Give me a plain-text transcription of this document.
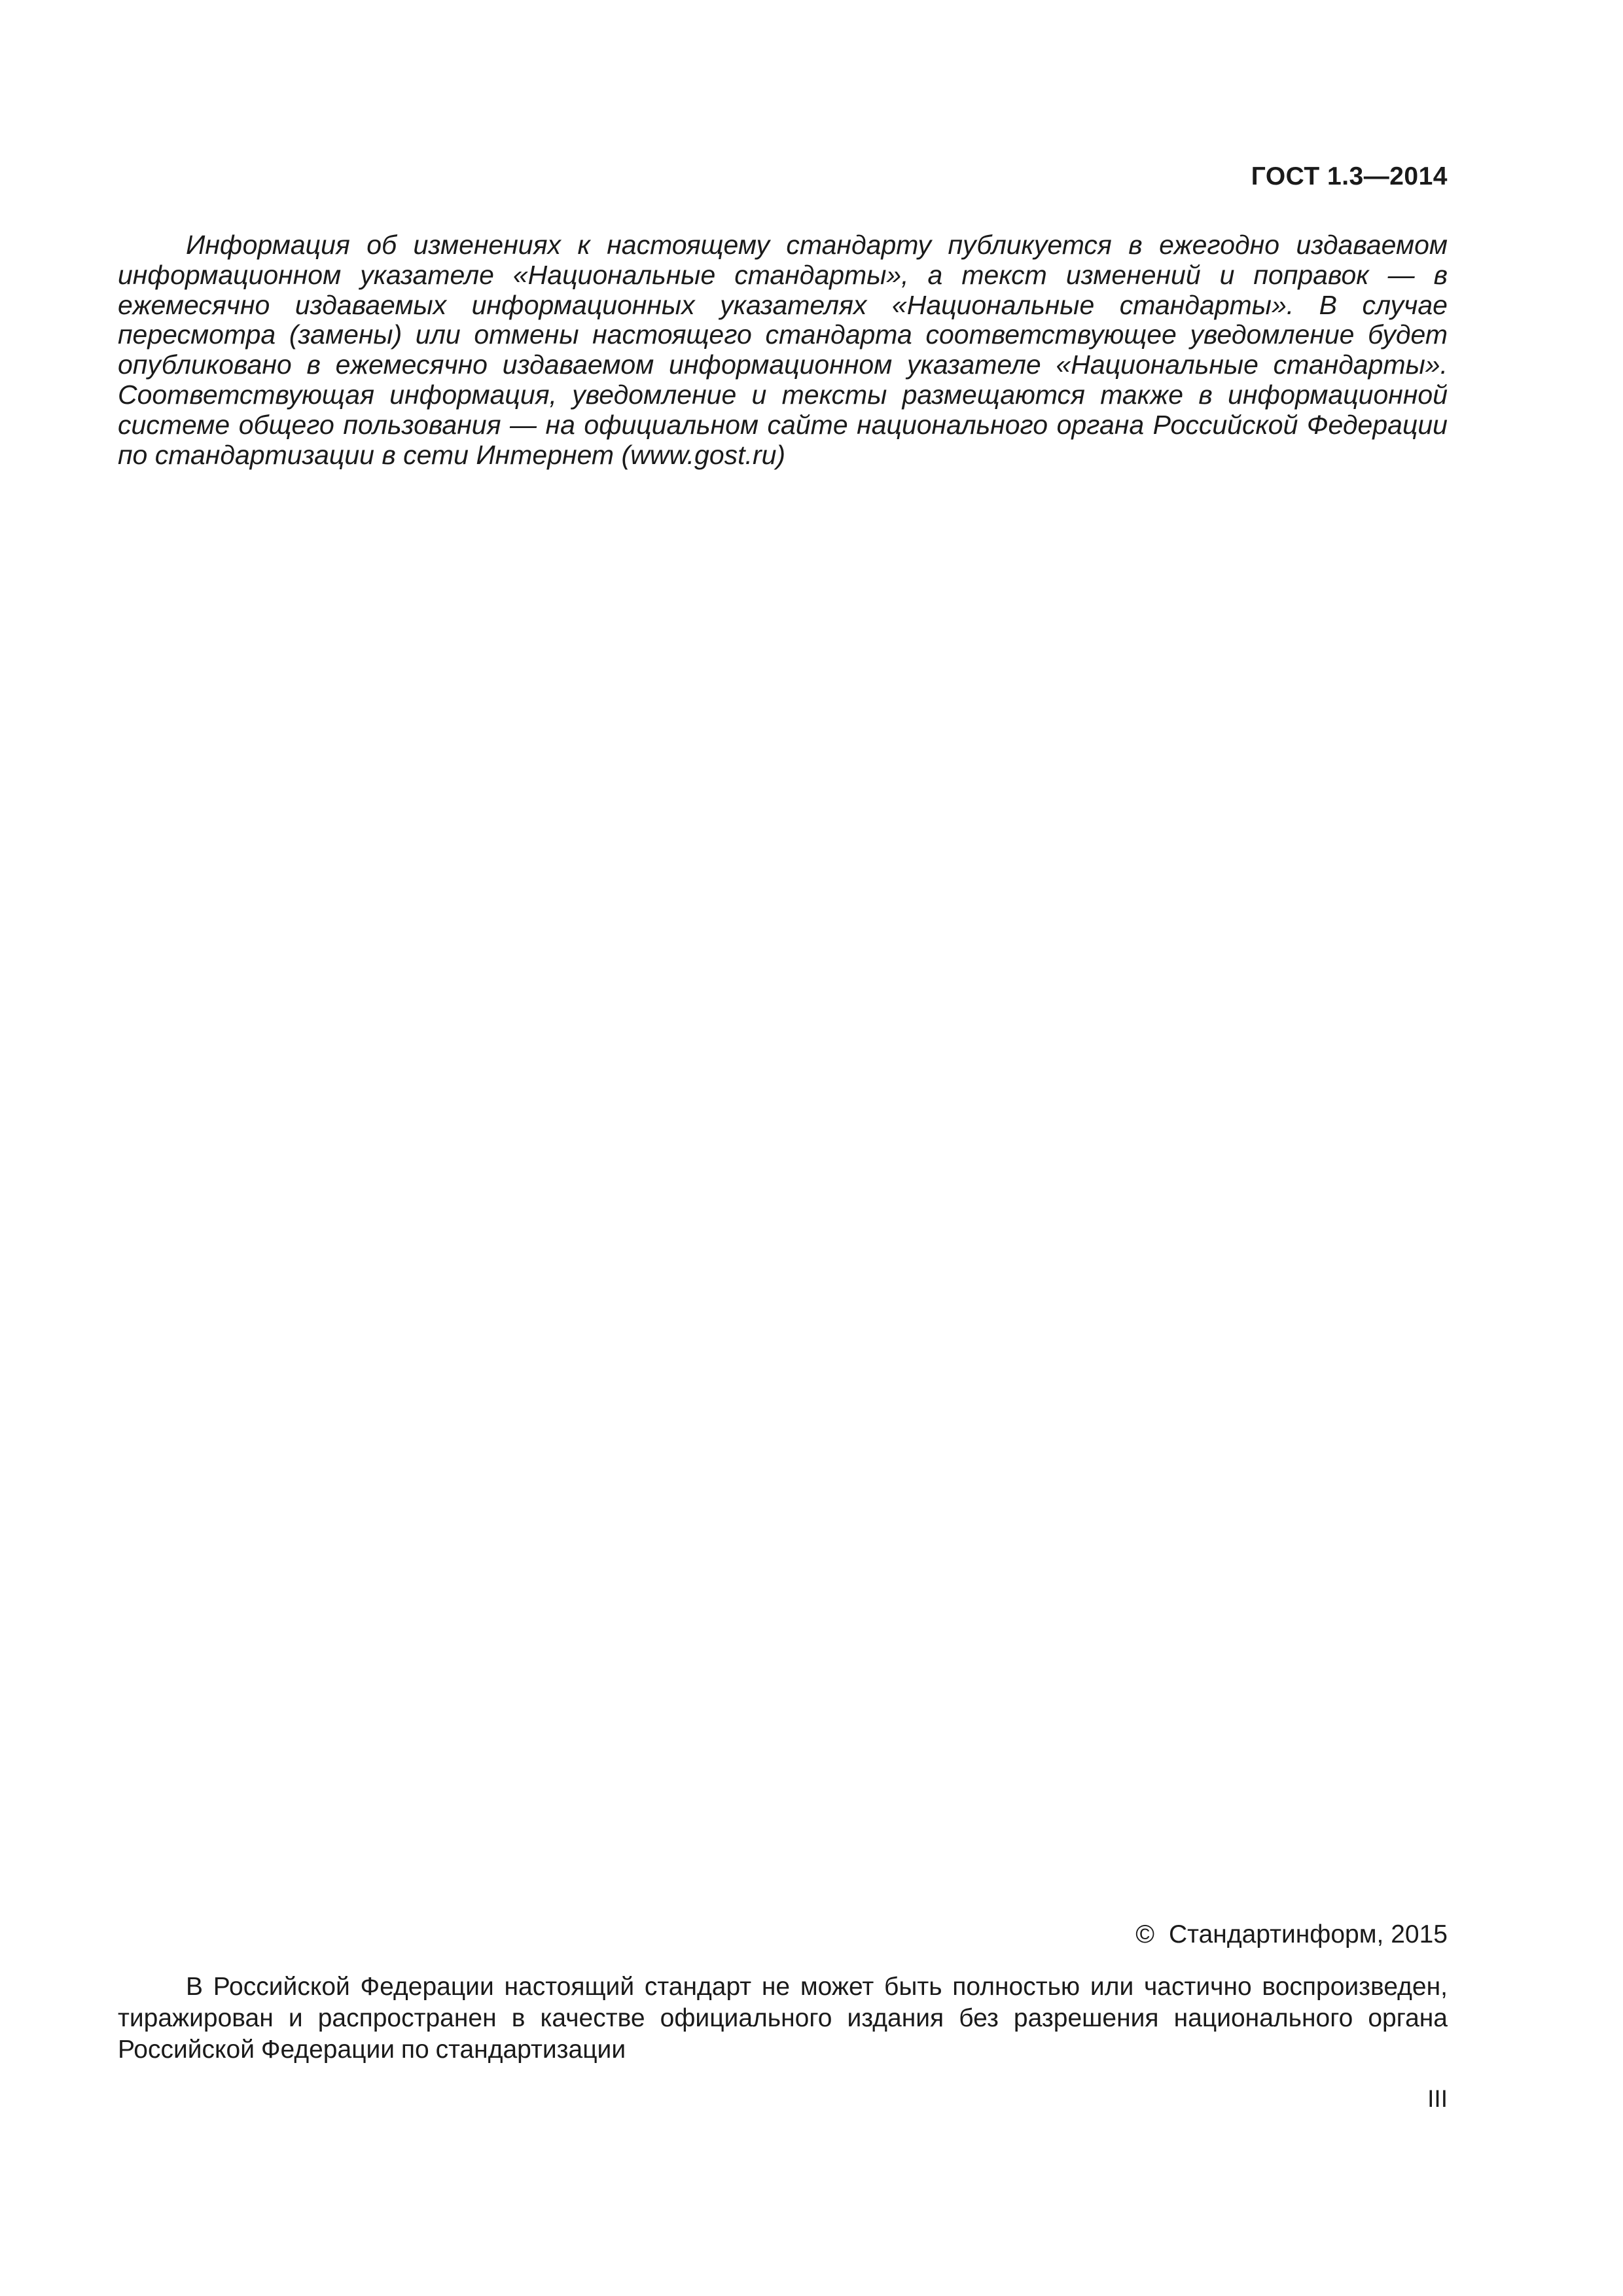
ГОСТ 1.3—2014

Информация об изменениях к настоящему стандарту публикуется в ежегодно издаваемом информационном указателе «Национальные стандарты», а текст изменений и поправок — в ежемесячно издаваемых информационных указателях «Национальные стандарты». В случае пересмотра (замены) или отмены настоящего стандарта соответствующее уведомление будет опубликовано в ежемесячно издаваемом информационном указателе «Национальные стандарты». Соответствующая информация, уведомление и тексты размещаются также в информационной системе общего пользования — на официальном сайте национального органа Российской Федерации по стандартизации в сети Интернет (www.gost.ru)

© Стандартинформ, 2015

В Российской Федерации настоящий стандарт не может быть полностью или частично воспроизведен, тиражирован и распространен в качестве официального издания без разрешения национального органа Российской Федерации по стандартизации

III
